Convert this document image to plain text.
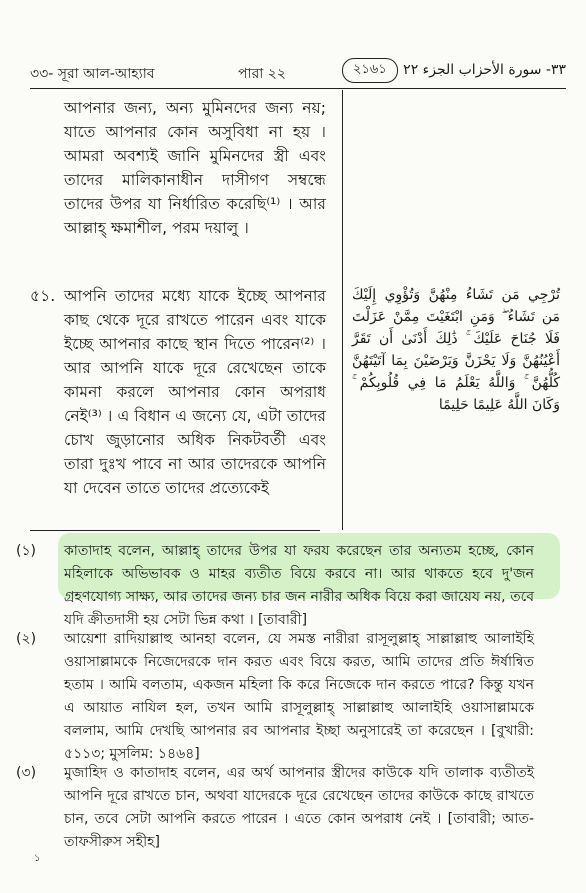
৩৩- সূরা আল-আহ্যাব	পারা ২২	২১৬১	٣٣- سورة الأحزاب الجزء ٢٢

আপনার জন্য, অন্য মুমিনদের জন্য নয়; যাতে আপনার কোন অসুবিধা না হয় । আমরা অবশ্যই জানি মুমিনদের স্ত্রী এবং তাদের মালিকানাধীন দাসীগণ সম্বন্ধে তাদের উপর যা নির্ধারিত করেছি⁽¹⁾ । আর আল্লাহ্‌ ক্ষমাশীল, পরম দয়ালু ।

৫১. আপনি তাদের মধ্যে যাকে ইচ্ছে আপনার কাছ থেকে দূরে রাখতে পারেন এবং যাকে ইচ্ছে আপনার কাছে স্থান দিতে পারেন⁽²⁾ । আর আপনি যাকে দূরে রেখেছেন তাকে কামনা করলে আপনার কোন অপরাধ নেই⁽³⁾ । এ বিধান এ জন্যে যে, এটা তাদের চোখ জুড়ানোর অধিক নিকটবর্তী এবং তারা দুঃখ পাবে না আর তাদেরকে আপনি যা দেবেন তাতে তাদের প্রত্যেকেই

تُرْجِي مَن تَشَاءُ مِنْهُنَّ وَتُؤْوِي إِلَيْكَ مَن تَشَاءُ ۖ وَمَنِ ابْتَغَيْتَ مِمَّنْ عَزَلْتَ فَلَا جُنَاحَ عَلَيْكَ ۚ ذَٰلِكَ أَدْنَىٰ أَن تَقَرَّ أَعْيُنُهُنَّ وَلَا يَحْزَنَّ وَيَرْضَيْنَ بِمَا آتَيْتَهُنَّ كُلُّهُنَّ ۚ وَاللَّهُ يَعْلَمُ مَا فِي قُلُوبِكُمْ ۚ وَكَانَ اللَّهُ عَلِيمًا حَلِيمًا
(১) কাতাদাহ বলেন, আল্লাহ্‌ তাদের উপর যা ফরয করেছেন তার অন্যতম হচ্ছে, কোন মহিলাকে অভিভাবক ও মাহর ব্যতীত বিয়ে করবে না। আর থাকতে হবে দু'জন গ্রহণযোগ্য সাক্ষ্য, আর তাদের জন্য চার জন নারীর অধিক বিয়ে করা জায়েয নয়, তবে যদি ক্রীতদাসী হয় সেটা ভিন্ন কথা । [তাবারী]
(২) আয়েশা রাদিয়াল্লাহু আনহা বলেন, যে সমস্ত নারীরা রাসূলুল্লাহ্‌ সাল্লাল্লাহু আলাইহি ওয়াসাল্লামকে নিজেদেরকে দান করত এবং বিয়ে করত, আমি তাদের প্রতি ঈর্ষান্বিত হতাম । আমি বলতাম, একজন মহিলা কি করে নিজেকে দান করতে পারে? কিন্তু যখন এ আয়াত নাযিল হল, তখন আমি রাসূলুল্লাহ্‌ সাল্লাল্লাহু আলাইহি ওয়াসাল্লামকে বললাম, আমি দেখছি আপনার রব আপনার ইচ্ছা অনুসারেই তা করেছেন । [বুখারী: ৫১১৩; মুসলিম: ১৪৬৪]
(৩) মুজাহিদ ও কাতাদাহ বলেন, এর অর্থ আপনার স্ত্রীদের কাউকে যদি তালাক ব্যতীতই আপনি দূরে রাখতে চান, অথবা যাদেরকে দূরে রেখেছেন তাদের কাউকে কাছে রাখতে চান, তবে সেটা আপনি করতে পারেন । এতে কোন অপরাধ নেই । [তাবারী; আত-তাফসীরুস সহীহ]
১
